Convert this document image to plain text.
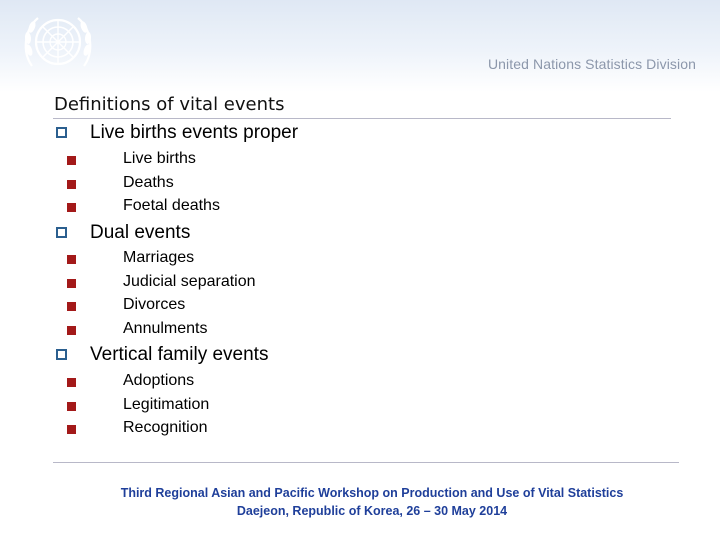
United Nations Statistics Division
Definitions of vital events
Live births events proper
Live births
Deaths
Foetal deaths
Dual events
Marriages
Judicial separation
Divorces
Annulments
Vertical family events
Adoptions
Legitimation
Recognition
Third Regional Asian and Pacific Workshop on Production and Use of Vital Statistics
Daejeon, Republic of Korea, 26 – 30 May 2014
